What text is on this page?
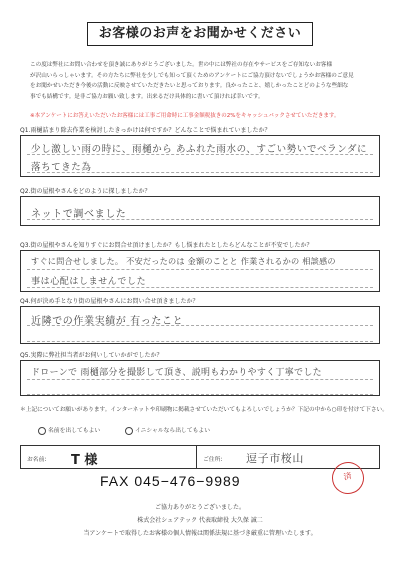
お客様のお声をお聞かせください
この度は弊社にお問い合わせを頂き誠にありがとうございました。世の中には弊社の存在やサービスをご存知ないお客様
が沢山いらっしゃいます。その方たちに弊社を少しでも知って頂くためのアンケートにご協力頂けないでしょうかお客様のご意見
をお聞かせいただき今後の活動に反映させていただきたいと思っております。良かったこと、嬉しかったことどのような些細な
事でも結構です。是非ご協力お願い致します。出来るだけ具体的に書いて頂ければ幸いです。
※本アンケートにお答えいただいたお客様には工事ご用命時に工事金額税抜きの2%をキャッシュバックさせていただきます。
Q1.雨樋詰まり除去作業を検討したきっかけは何ですか？どんなことで悩まれていましたか？
少し激しい雨の時に、雨樋から あふれた雨水の、すごい勢いでベランダに
落ちてきた為
Q2.街の屋根やさんをどのように探しましたか？
ネットで調べました
Q3.街の屋根やさんを知りすぐにお問合せ頂けましたか？もし悩まれたとしたらどんなことが不安でしたか？
すぐに問合せしました。 不安だったのは 金額のことと 作業されるかの 相談感の
事は心配はしませんでした
Q4.何が決め手となり街の屋根やさんにお問い合せ頂きましたか？
近隣での作業実績が 有ったこと
Q5.実際に弊社担当者がお伺いしていかがでしたか？
ドローンで 雨樋部分を撮影して頂き、説明もわかりやすく丁寧でした
＊上記についてお願いがあります。インターネットや印刷物に掲載させていただいてもよろしいでしょうか？下記の中から○印を付けて下さい。
名前を出してもよい	イニシャルなら出してもよい
お名前: T 様	ご住所: 逗子市桜山
FAX 045−476−9989	済
ご協力ありがとうございました。
株式会社シェアテック 代表取締役 大久保 誠二
当アンケートで取得したお客様の個人情報は関係法規に基づき厳重に管理いたします。
